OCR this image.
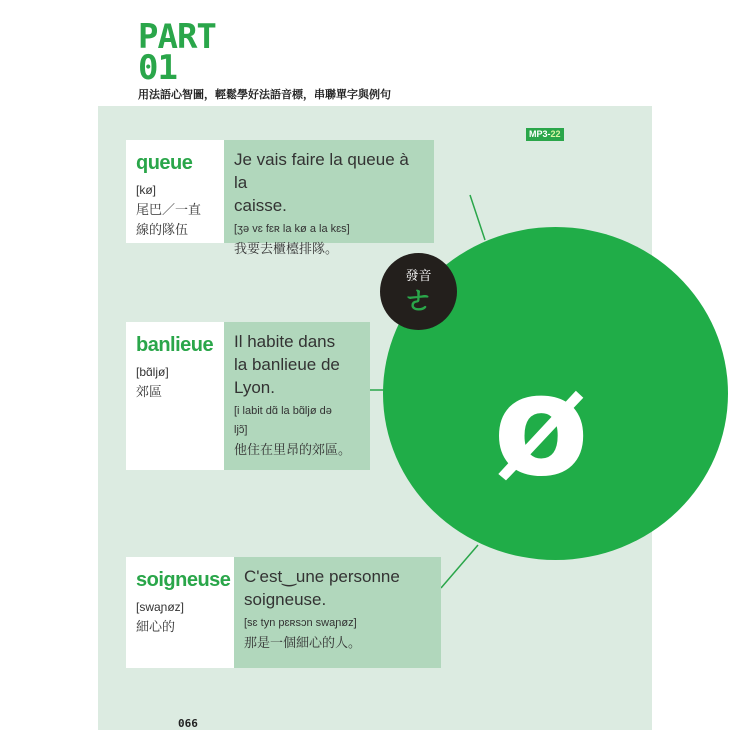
PART
01
用法語心智圖，輕鬆學好法語音標，串聯單字與例句
MP3-22
ø
發音
ㄜ
queue
[kø]
尾巴／一直
線的隊伍
Je vais faire la queue à la
caisse.
[ʒə vɛ fɛʀ la kø a la kɛs]
我要去櫃檯排隊。
banlieue
[bɑ̃ljø]
郊區
Il habite dans
la banlieue de
Lyon.
[i labit dɑ̃ la bɑ̃ljø də
ljɔ̃]
他住在里昂的郊區。
soigneuse
[swaɲøz]
細心的
C'est‿une personne
soigneuse.
[sɛ tyn pɛʀsɔn swaɲøz]
那是一個細心的人。
066
